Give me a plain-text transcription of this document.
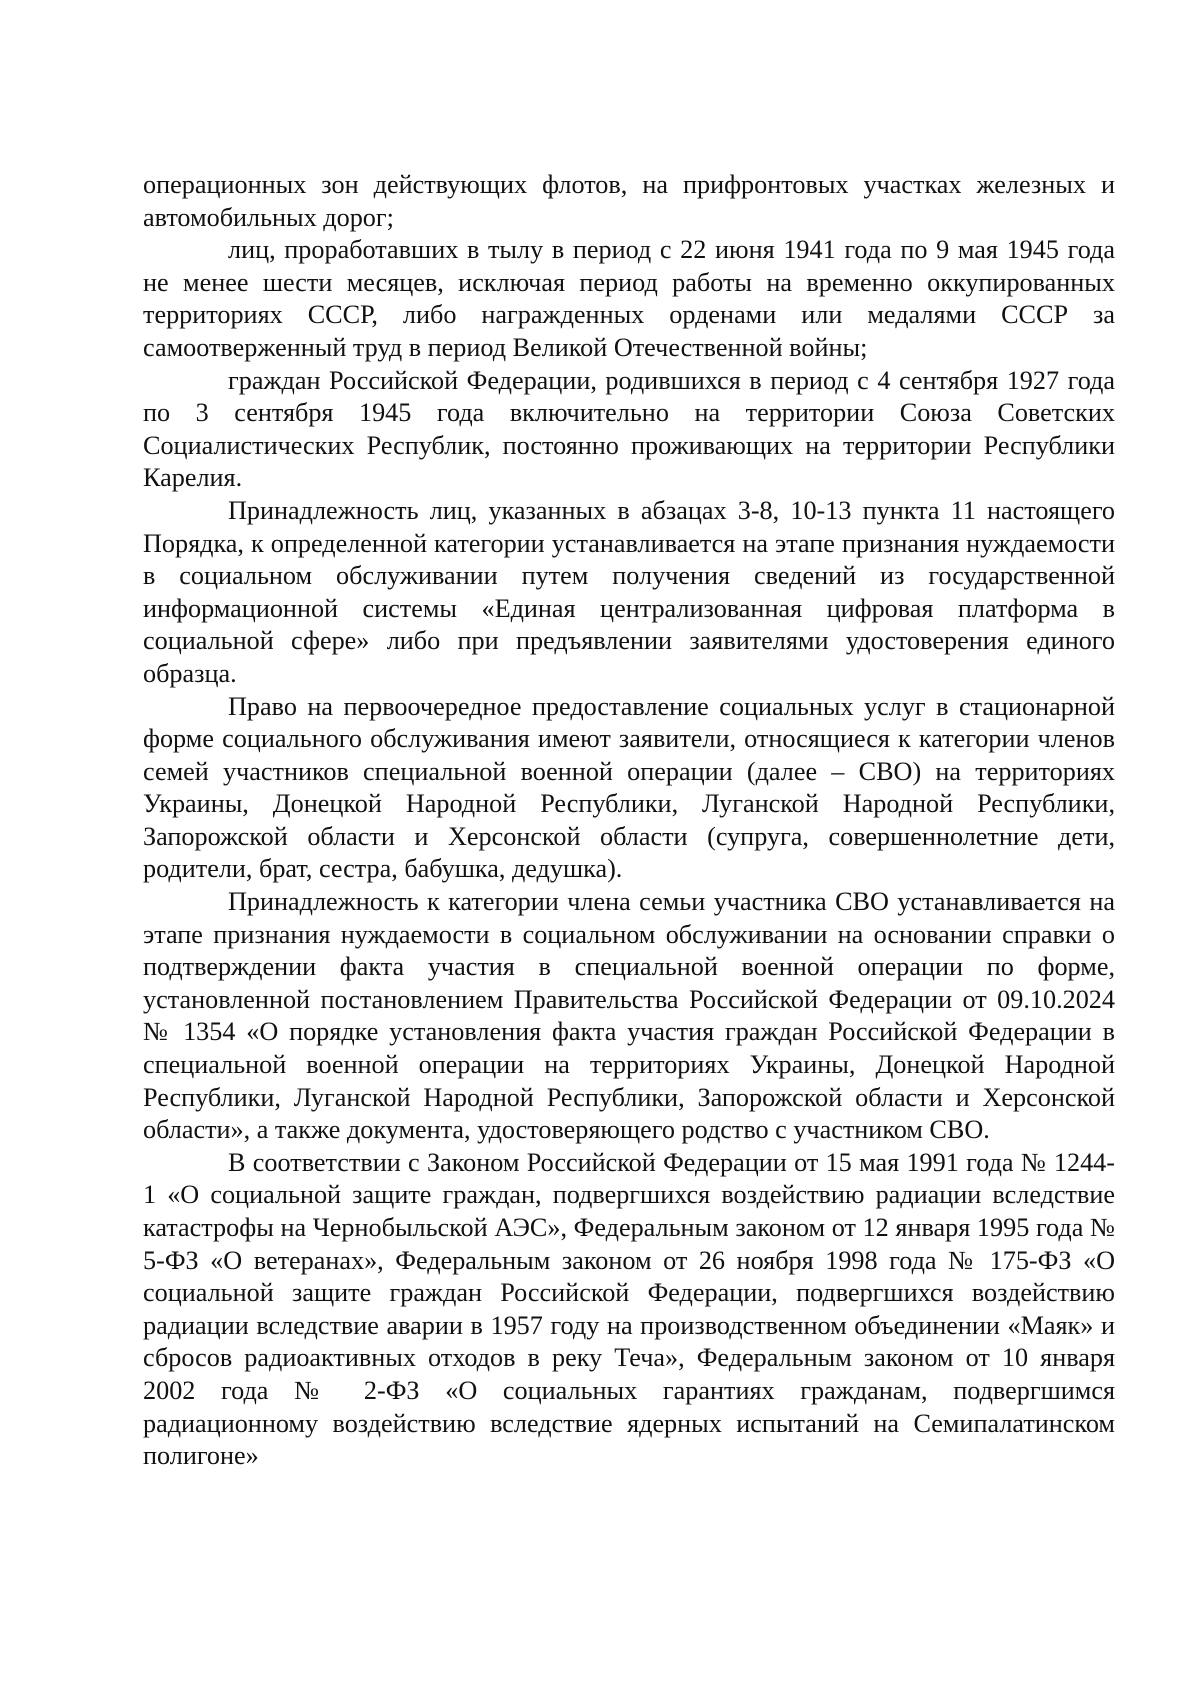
операционных зон действующих флотов, на прифронтовых участках железных и автомобильных дорог;

лиц, проработавших в тылу в период с 22 июня 1941 года по 9 мая 1945 года не менее шести месяцев, исключая период работы на временно оккупированных территориях СССР, либо награжденных орденами или медалями СССР за самоотверженный труд в период Великой Отечественной войны;

граждан Российской Федерации, родившихся в период с 4 сентября 1927 года по 3 сентября 1945 года включительно на территории Союза Советских Социалистических Республик, постоянно проживающих на территории Республики Карелия.

Принадлежность лиц, указанных в абзацах 3-8, 10-13 пункта 11 настоящего Порядка, к определенной категории устанавливается на этапе признания нуждаемости в социальном обслуживании путем получения сведений из государственной информационной системы «Единая централизованная цифровая платформа в социальной сфере» либо при предъявлении заявителями удостоверения единого образца.

Право на первоочередное предоставление социальных услуг в стационарной форме социального обслуживания имеют заявители, относящиеся к категории членов семей участников специальной военной операции (далее – СВО) на территориях Украины, Донецкой Народной Республики, Луганской Народной Республики, Запорожской области и Херсонской области (супруга, совершеннолетние дети, родители, брат, сестра, бабушка, дедушка).

Принадлежность к категории члена семьи участника СВО устанавливается на этапе признания нуждаемости в социальном обслуживании на основании справки о подтверждении факта участия в специальной военной операции по форме, установленной постановлением Правительства Российской Федерации от 09.10.2024 № 1354 «О порядке установления факта участия граждан Российской Федерации в специальной военной операции на территориях Украины, Донецкой Народной Республики, Луганской Народной Республики, Запорожской области и Херсонской области», а также документа, удостоверяющего родство с участником СВО.

В соответствии с Законом Российской Федерации от 15 мая 1991 года № 1244-1 «О социальной защите граждан, подвергшихся воздействию радиации вследствие катастрофы на Чернобыльской АЭС», Федеральным законом от 12 января 1995 года № 5-ФЗ «О ветеранах», Федеральным законом от 26 ноября 1998 года № 175-ФЗ «О социальной защите граждан Российской Федерации, подвергшихся воздействию радиации вследствие аварии в 1957 году на производственном объединении «Маяк» и сбросов радиоактивных отходов в реку Теча», Федеральным законом от 10 января 2002 года № 2-ФЗ «О социальных гарантиях гражданам, подвергшимся радиационному воздействию вследствие ядерных испытаний на Семипалатинском полигоне»
